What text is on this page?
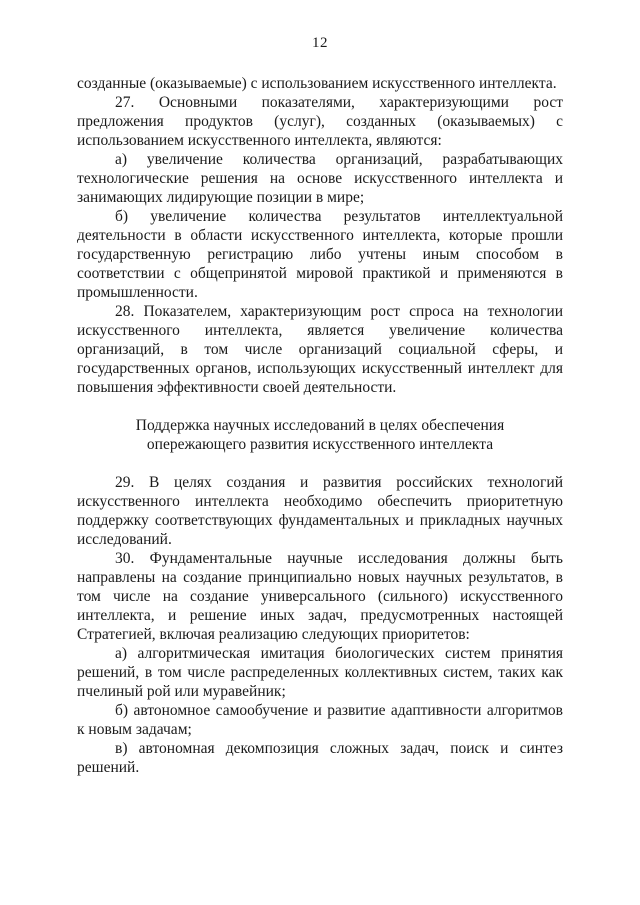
12

созданные (оказываемые) с использованием искусственного интеллекта.

27. Основными показателями, характеризующими рост предложения продуктов (услуг), созданных (оказываемых) с использованием искусственного интеллекта, являются:

а) увеличение количества организаций, разрабатывающих технологические решения на основе искусственного интеллекта и занимающих лидирующие позиции в мире;

б) увеличение количества результатов интеллектуальной деятельности в области искусственного интеллекта, которые прошли государственную регистрацию либо учтены иным способом в соответствии с общепринятой мировой практикой и применяются в промышленности.

28. Показателем, характеризующим рост спроса на технологии искусственного интеллекта, является увеличение количества организаций, в том числе организаций социальной сферы, и государственных органов, использующих искусственный интеллект для повышения эффективности своей деятельности.

Поддержка научных исследований в целях обеспечения опережающего развития искусственного интеллекта

29. В целях создания и развития российских технологий искусственного интеллекта необходимо обеспечить приоритетную поддержку соответствующих фундаментальных и прикладных научных исследований.

30. Фундаментальные научные исследования должны быть направлены на создание принципиально новых научных результатов, в том числе на создание универсального (сильного) искусственного интеллекта, и решение иных задач, предусмотренных настоящей Стратегией, включая реализацию следующих приоритетов:

а) алгоритмическая имитация биологических систем принятия решений, в том числе распределенных коллективных систем, таких как пчелиный рой или муравейник;

б) автономное самообучение и развитие адаптивности алгоритмов к новым задачам;

в) автономная декомпозиция сложных задач, поиск и синтез решений.
